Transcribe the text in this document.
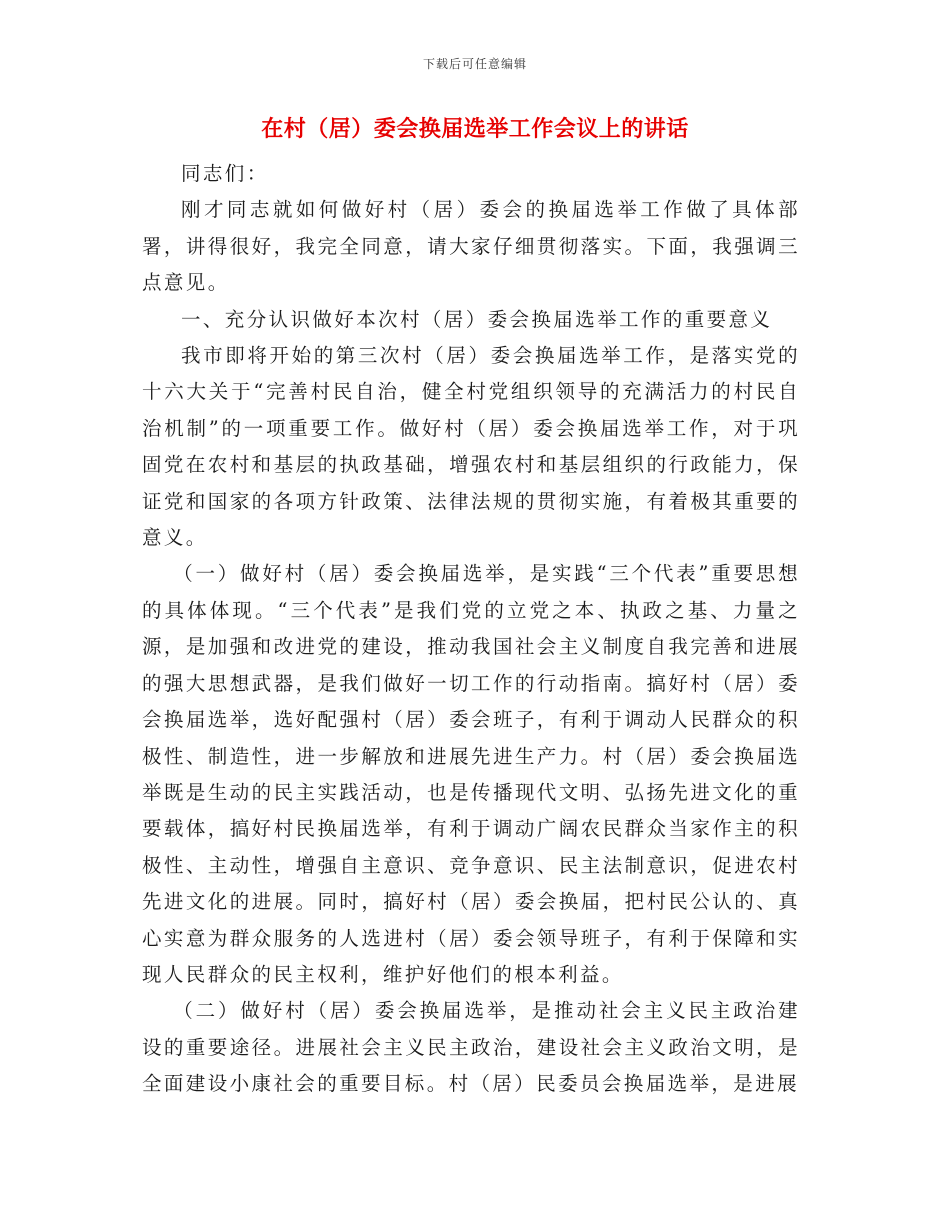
下载后可任意编辑
在村（居）委会换届选举工作会议上的讲话

同志们：

刚才同志就如何做好村（居）委会的换届选举工作做了具体部署，讲得很好，我完全同意，请大家仔细贯彻落实。下面，我强调三点意见。

一、充分认识做好本次村（居）委会换届选举工作的重要意义

我市即将开始的第三次村（居）委会换届选举工作，是落实党的十六大关于“完善村民自治，健全村党组织领导的充满活力的村民自治机制”的一项重要工作。做好村（居）委会换届选举工作，对于巩固党在农村和基层的执政基础，增强农村和基层组织的行政能力，保证党和国家的各项方针政策、法律法规的贯彻实施，有着极其重要的意义。

（一）做好村（居）委会换届选举，是实践“三个代表”重要思想的具体体现。“三个代表”是我们党的立党之本、执政之基、力量之源，是加强和改进党的建设，推动我国社会主义制度自我完善和进展的强大思想武器，是我们做好一切工作的行动指南。搞好村（居）委会换届选举，选好配强村（居）委会班子，有利于调动人民群众的积极性、制造性，进一步解放和进展先进生产力。村（居）委会换届选举既是生动的民主实践活动，也是传播现代文明、弘扬先进文化的重要载体，搞好村民换届选举，有利于调动广阔农民群众当家作主的积极性、主动性，增强自主意识、竞争意识、民主法制意识，促进农村先进文化的进展。同时，搞好村（居）委会换届，把村民公认的、真心实意为群众服务的人选进村（居）委会领导班子，有利于保障和实现人民群众的民主权利，维护好他们的根本利益。

（二）做好村（居）委会换届选举，是推动社会主义民主政治建设的重要途径。进展社会主义民主政治，建设社会主义政治文明，是全面建设小康社会的重要目标。村（居）民委员会换届选举，是进展
